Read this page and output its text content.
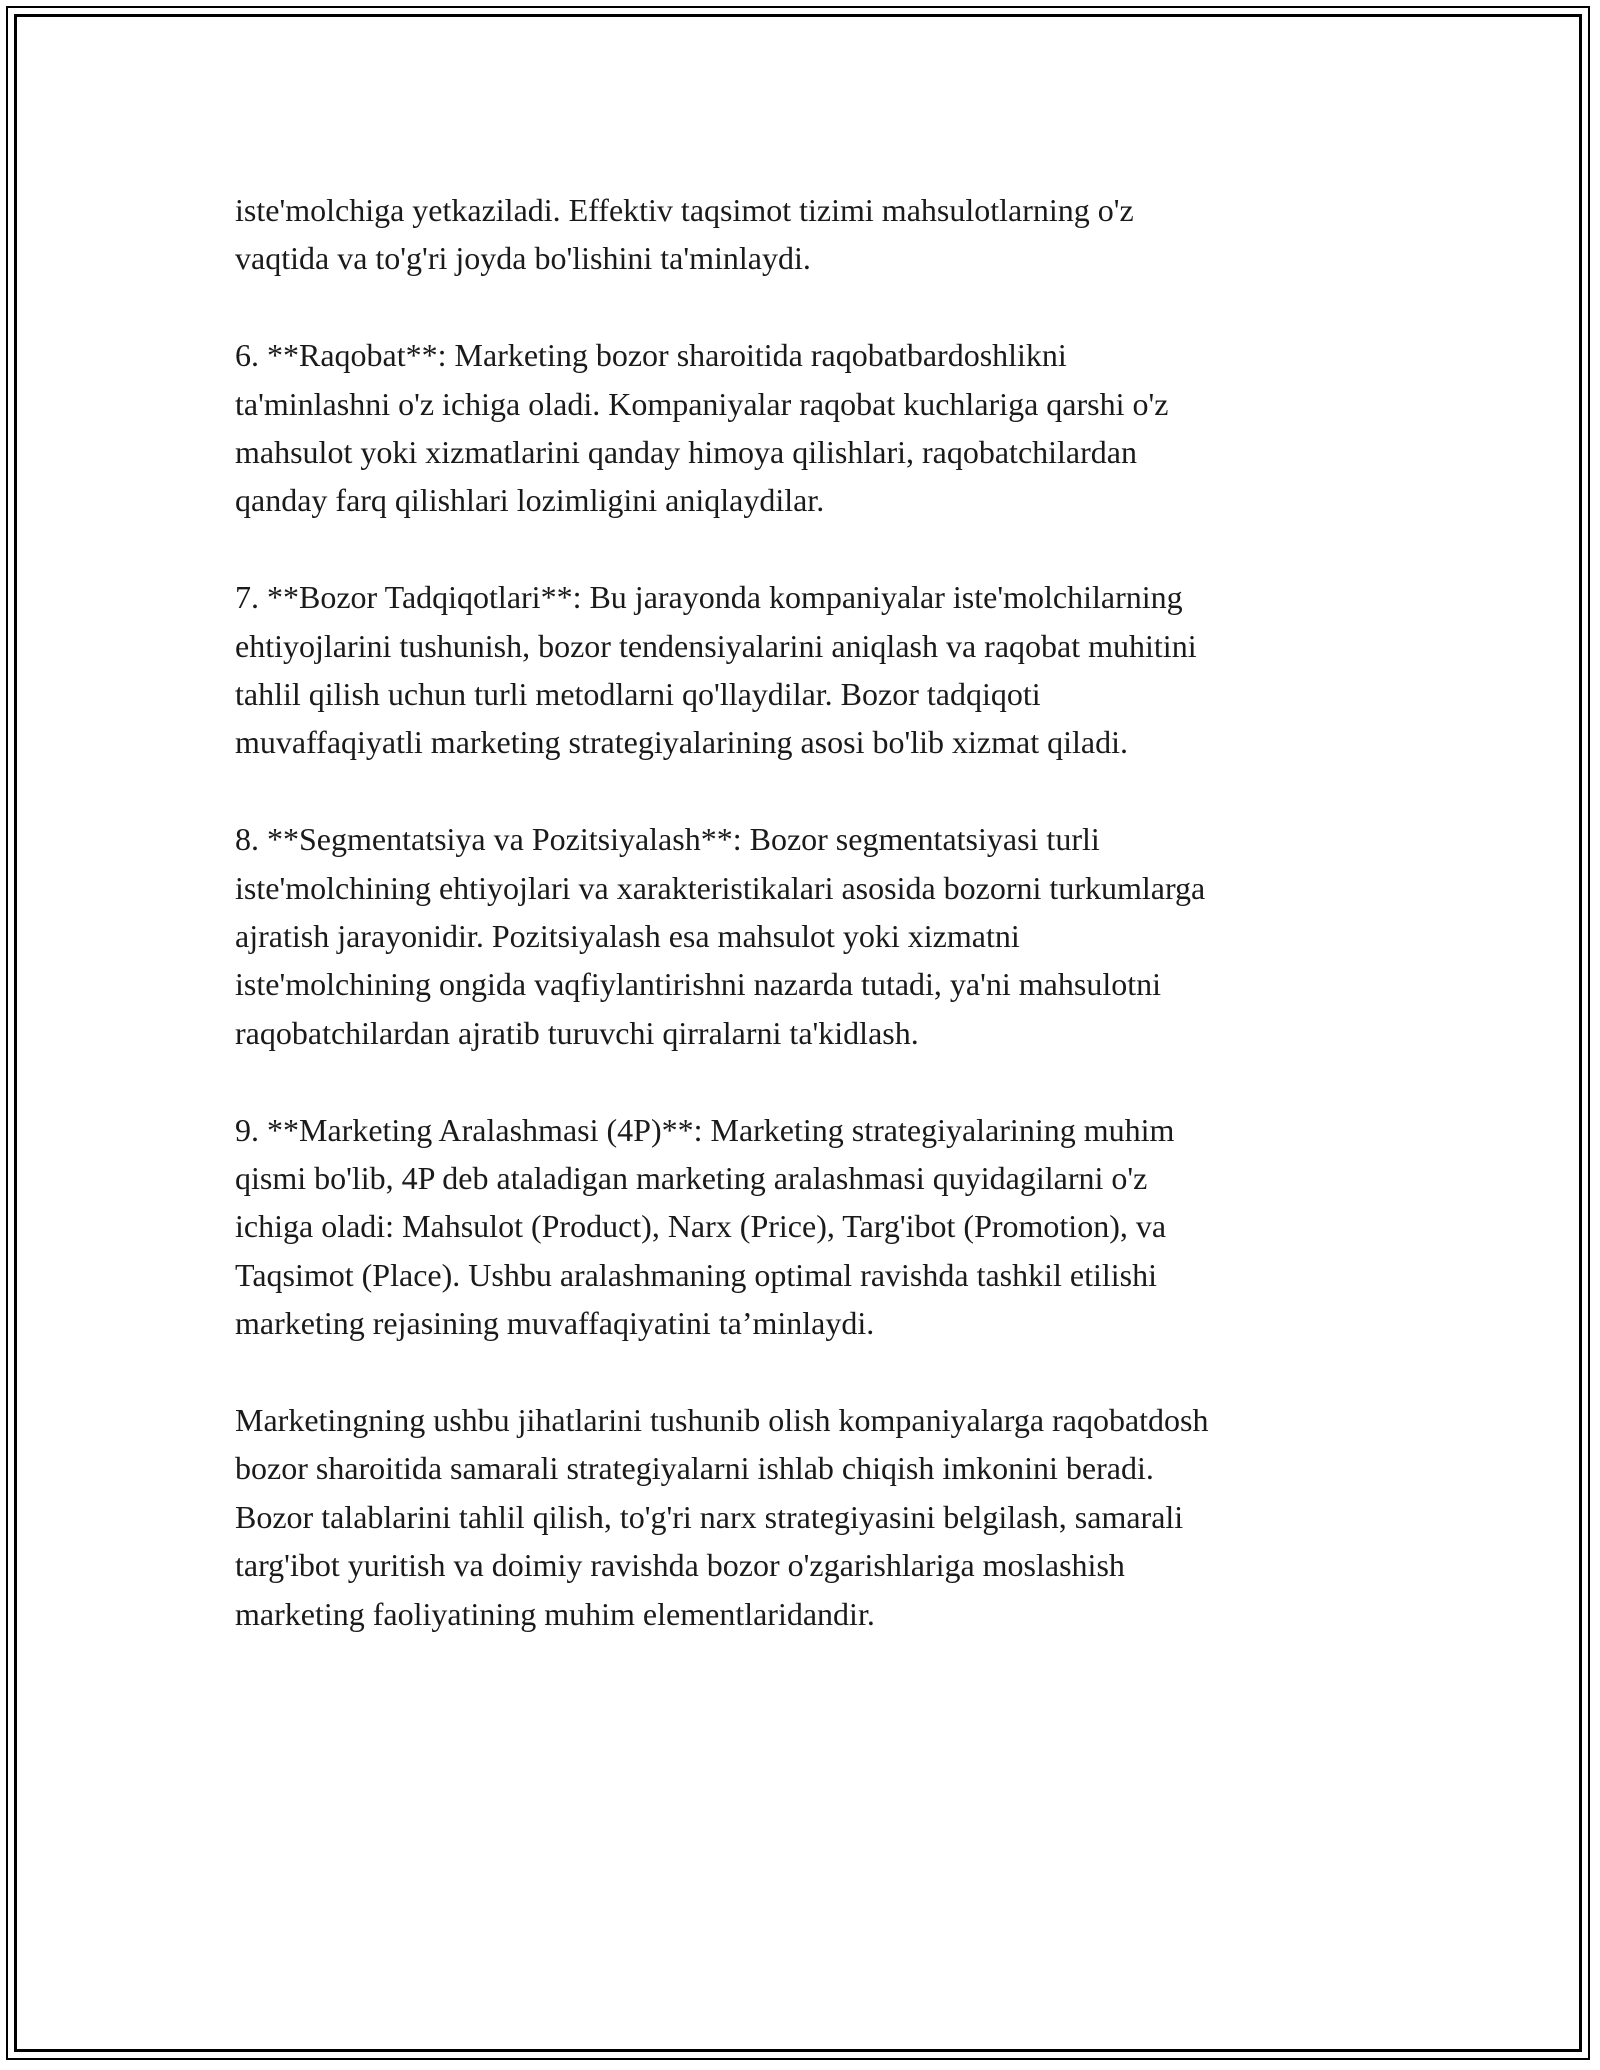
iste'molchiga yetkaziladi. Effektiv taqsimot tizimi mahsulotlarning o'z
vaqtida va to'g'ri joyda bo'lishini ta'minlaydi.

6. **Raqobat**: Marketing bozor sharoitida raqobatbardoshlikni
ta'minlashni o'z ichiga oladi. Kompaniyalar raqobat kuchlariga qarshi o'z
mahsulot yoki xizmatlarini qanday himoya qilishlari, raqobatchilardan
qanday farq qilishlari lozimligini aniqlaydilar.

7. **Bozor Tadqiqotlari**: Bu jarayonda kompaniyalar iste'molchilarning
ehtiyojlarini tushunish, bozor tendensiyalarini aniqlash va raqobat muhitini
tahlil qilish uchun turli metodlarni qo'llaydilar. Bozor tadqiqoti
muvaffaqiyatli marketing strategiyalarining asosi bo'lib xizmat qiladi.

8. **Segmentatsiya va Pozitsiyalash**: Bozor segmentatsiyasi turli
iste'molchining ehtiyojlari va xarakteristikalari asosida bozorni turkumlarga
ajratish jarayonidir. Pozitsiyalash esa mahsulot yoki xizmatni
iste'molchining ongida vaqfiylantirishni nazarda tutadi, ya'ni mahsulotni
raqobatchilardan ajratib turuvchi qirralarni ta'kidlash.

9. **Marketing Aralashmasi (4P)**: Marketing strategiyalarining muhim
qismi bo'lib, 4P deb ataladigan marketing aralashmasi quyidagilarni o'z
ichiga oladi: Mahsulot (Product), Narx (Price), Targ'ibot (Promotion), va
Taqsimot (Place). Ushbu aralashmaning optimal ravishda tashkil etilishi
marketing rejasining muvaffaqiyatini ta’minlaydi.

Marketingning ushbu jihatlarini tushunib olish kompaniyalarga raqobatdosh
bozor sharoitida samarali strategiyalarni ishlab chiqish imkonini beradi.
Bozor talablarini tahlil qilish, to'g'ri narx strategiyasini belgilash, samarali
targ'ibot yuritish va doimiy ravishda bozor o'zgarishlariga moslashish
marketing faoliyatining muhim elementlaridandir.
